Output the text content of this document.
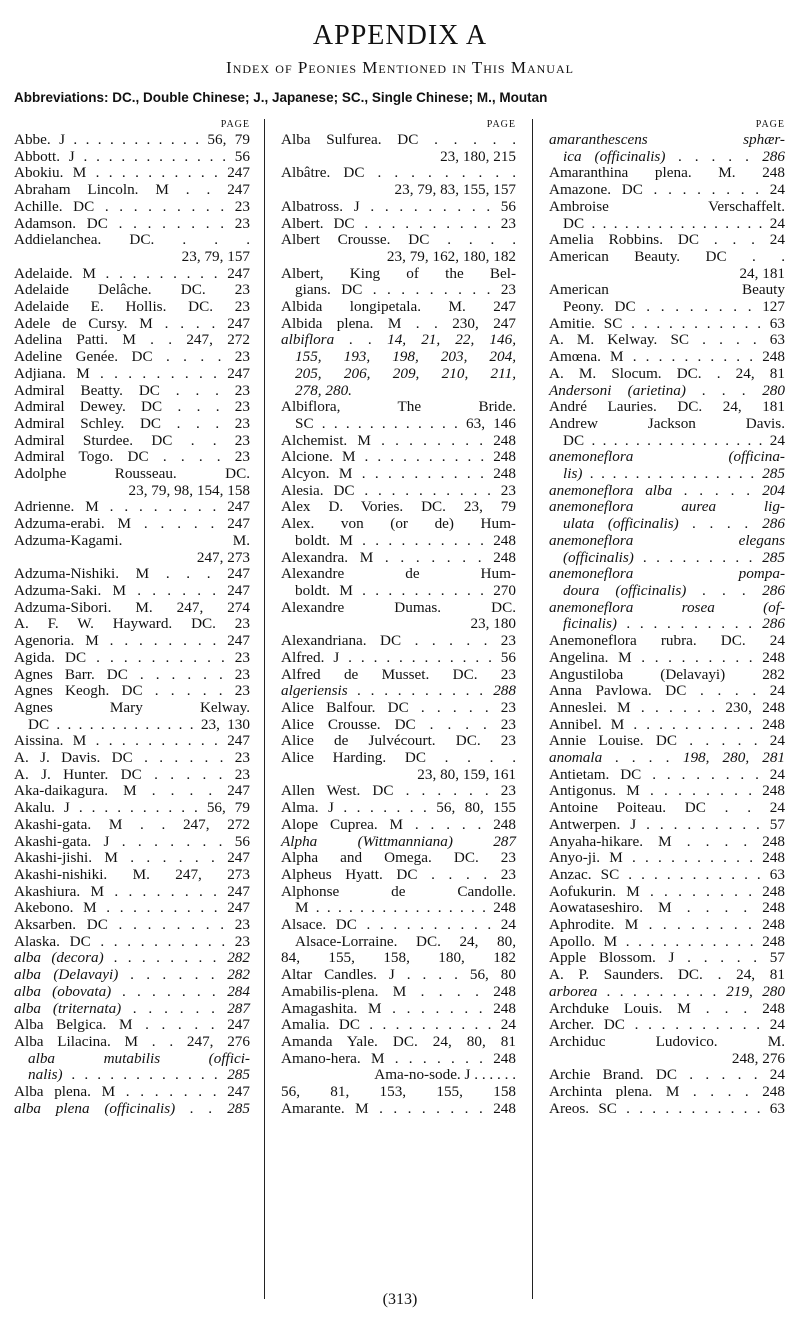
APPENDIX A
Index of Peonies Mentioned in This Manual
Abbreviations: DC., Double Chinese; J., Japanese; SC., Single Chinese; M., Moutan
PAGE
Abbe. J . . . . . . . . . . . 56, 79
Abbott. J . . . . . . . . . . . . 56
Abokiu. M . . . . . . . . . . 247
Abraham Lincoln. M . . 247
Achille. DC . . . . . . . . . 23
Adamson. DC . . . . . . . . 23
Addielanchea. DC. . . .
23, 79, 157
Adelaide. M . . . . . . . . . 247
Adelaide Delâche. DC. 23
Adelaide E. Hollis. DC. 23
Adele de Cursy. M . . . . 247
Adelina Patti. M . . 247, 272
Adeline Genée. DC . . . . 23
Adjiana. M . . . . . . . . . 247
Admiral Beatty. DC . . . 23
Admiral Dewey. DC . . . 23
Admiral Schley. DC . . . 23
Admiral Sturdee. DC . . 23
Admiral Togo. DC . . . . 23
Adolphe Rousseau. DC.
23, 79, 98, 154, 158
Adrienne. M . . . . . . . . 247
Adzuma-erabi. M . . . . . 247
Adzuma-Kagami. M.
247, 273
Adzuma-Nishiki. M . . . 247
Adzuma-Saki. M . . . . . . 247
Adzuma-Sibori. M. 247, 274
A. F. W. Hayward. DC. 23
Agenoria. M . . . . . . . . 247
Agida. DC . . . . . . . . . . 23
Agnes Barr. DC . . . . . . 23
Agnes Keogh. DC . . . . . 23
Agnes Mary Kelway.
DC . . . . . . . . . . . . . 23, 130
Aissina. M . . . . . . . . . . 247
A. J. Davis. DC . . . . . . 23
A. J. Hunter. DC . . . . . 23
Aka-daikagura. M . . . . 247
Akalu. J . . . . . . . . . . 56, 79
Akashi-gata. M . . 247, 272
Akashi-gata. J . . . . . . . 56
Akashi-jishi. M . . . . . . 247
Akashi-nishiki. M. 247, 273
Akashiura. M . . . . . . . . 247
Akebono. M . . . . . . . . . 247
Aksarben. DC . . . . . . . . 23
Alaska. DC . . . . . . . . . . 23
alba (decora) . . . . . . . . 282
alba (Delavayi) . . . . . . 282
alba (obovata) . . . . . . . 284
alba (triternata) . . . . . . 287
Alba Belgica. M . . . . . 247
Alba Lilacina. M . . 247, 276
alba mutabilis (offici-
nalis) . . . . . . . . . . . . 285
Alba plena. M . . . . . . . 247
alba plena (officinalis) . . 285
PAGE
Alba Sulfurea. DC . . . . .
23, 180, 215
Albâtre. DC . . . . . . . . .
23, 79, 83, 155, 157
Albatross. J . . . . . . . . . 56
Albert. DC . . . . . . . . . . 23
Albert Crousse. DC . . . .
23, 79, 162, 180, 182
Albert, King of the Bel-
gians. DC . . . . . . . . . 23
Albida longipetala. M. 247
Albida plena. M . . 230, 247
albiflora . . 14, 21, 22, 146,
155, 193, 198, 203, 204,
205, 206, 209, 210, 211,
278, 280.
Albiflora, The Bride.
SC . . . . . . . . . . . . 63, 146
Alchemist. M . . . . . . . . 248
Alcione. M . . . . . . . . . . 248
Alcyon. M . . . . . . . . . . 248
Alesia. DC . . . . . . . . . . 23
Alex D. Vories. DC. 23, 79
Alex. von (or de) Hum-
boldt. M . . . . . . . . . . 248
Alexandra. M . . . . . . . 248
Alexandre de Hum-
boldt. M . . . . . . . . . . 270
Alexandre Dumas. DC.
23, 180
Alexandriana. DC . . . . . 23
Alfred. J . . . . . . . . . . . . 56
Alfred de Musset. DC. 23
algeriensis . . . . . . . . . . 288
Alice Balfour. DC . . . . . 23
Alice Crousse. DC . . . . 23
Alice de Julvécourt. DC. 23
Alice Harding. DC . . . .
23, 80, 159, 161
Allen West. DC . . . . . . 23
Alma. J . . . . . . . 56, 80, 155
Alope Cuprea. M . . . . . 248
Alpha (Wittmanniana) 287
Alpha and Omega. DC. 23
Alpheus Hyatt. DC . . . . 23
Alphonse de Candolle.
M . . . . . . . . . . . . . . . . 248
Alsace. DC . . . . . . . . . . 24
Alsace-Lorraine. DC. 24, 80,
84, 155, 158, 180, 182
Altar Candles. J . . . . 56, 80
Amabilis-plena. M . . . . 248
Amagashita. M . . . . . . . 248
Amalia. DC . . . . . . . . . . 24
Amanda Yale. DC. 24, 80, 81
Amano-hera. M . . . . . . . 248
Ama-no-sode. J . . . . . .
56, 81, 153, 155, 158
Amarante. M . . . . . . . . 248
PAGE
amaranthescens sphær-
ica (officinalis) . . . . . 286
Amaranthina plena. M. 248
Amazone. DC . . . . . . . . 24
Ambroise Verschaffelt.
DC . . . . . . . . . . . . . . . . 24
Amelia Robbins. DC . . . 24
American Beauty. DC . .
24, 181
American Beauty
Peony. DC . . . . . . . . 127
Amitie. SC . . . . . . . . . . . 63
A. M. Kelway. SC . . . . 63
Amœna. M . . . . . . . . . . 248
A. M. Slocum. DC. . 24, 81
Andersoni (arietina) . . . 280
André Lauries. DC. 24, 181
Andrew Jackson Davis.
DC . . . . . . . . . . . . . . . . 24
anemoneflora (officina-
lis) . . . . . . . . . . . . . . . 285
anemoneflora alba . . . . . 204
anemoneflora aurea lig-
ulata (officinalis) . . . . 286
anemoneflora elegans
(officinalis) . . . . . . . . . 285
anemoneflora pompa-
doura (officinalis) . . . 286
anemoneflora rosea (of-
ficinalis) . . . . . . . . . . 286
Anemoneflora rubra. DC. 24
Angelina. M . . . . . . . . . 248
Angustiloba (Delavayi) 282
Anna Pavlowa. DC . . . . 24
Anneslei. M . . . . . . 230, 248
Annibel. M . . . . . . . . . . 248
Annie Louise. DC . . . . . 24
anomala . . . . 198, 280, 281
Antietam. DC . . . . . . . . 24
Antigonus. M . . . . . . . . 248
Antoine Poiteau. DC . . 24
Antwerpen. J . . . . . . . . . 57
Anyaha-hikare. M . . . . 248
Anyo-ji. M . . . . . . . . . . 248
Anzac. SC . . . . . . . . . . . 63
Aofukurin. M . . . . . . . . 248
Aowataseshiro. M . . . . 248
Aphrodite. M . . . . . . . . 248
Apollo. M . . . . . . . . . . . 248
Apple Blossom. J . . . . . 57
A. P. Saunders. DC. . 24, 81
arborea . . . . . . . . . 219, 280
Archduke Louis. M . . . 248
Archer. DC . . . . . . . . . . 24
Archiduc Ludovico. M.
248, 276
Archie Brand. DC . . . . . 24
Archinta plena. M . . . . 248
Areos. SC . . . . . . . . . . . 63
(313)
